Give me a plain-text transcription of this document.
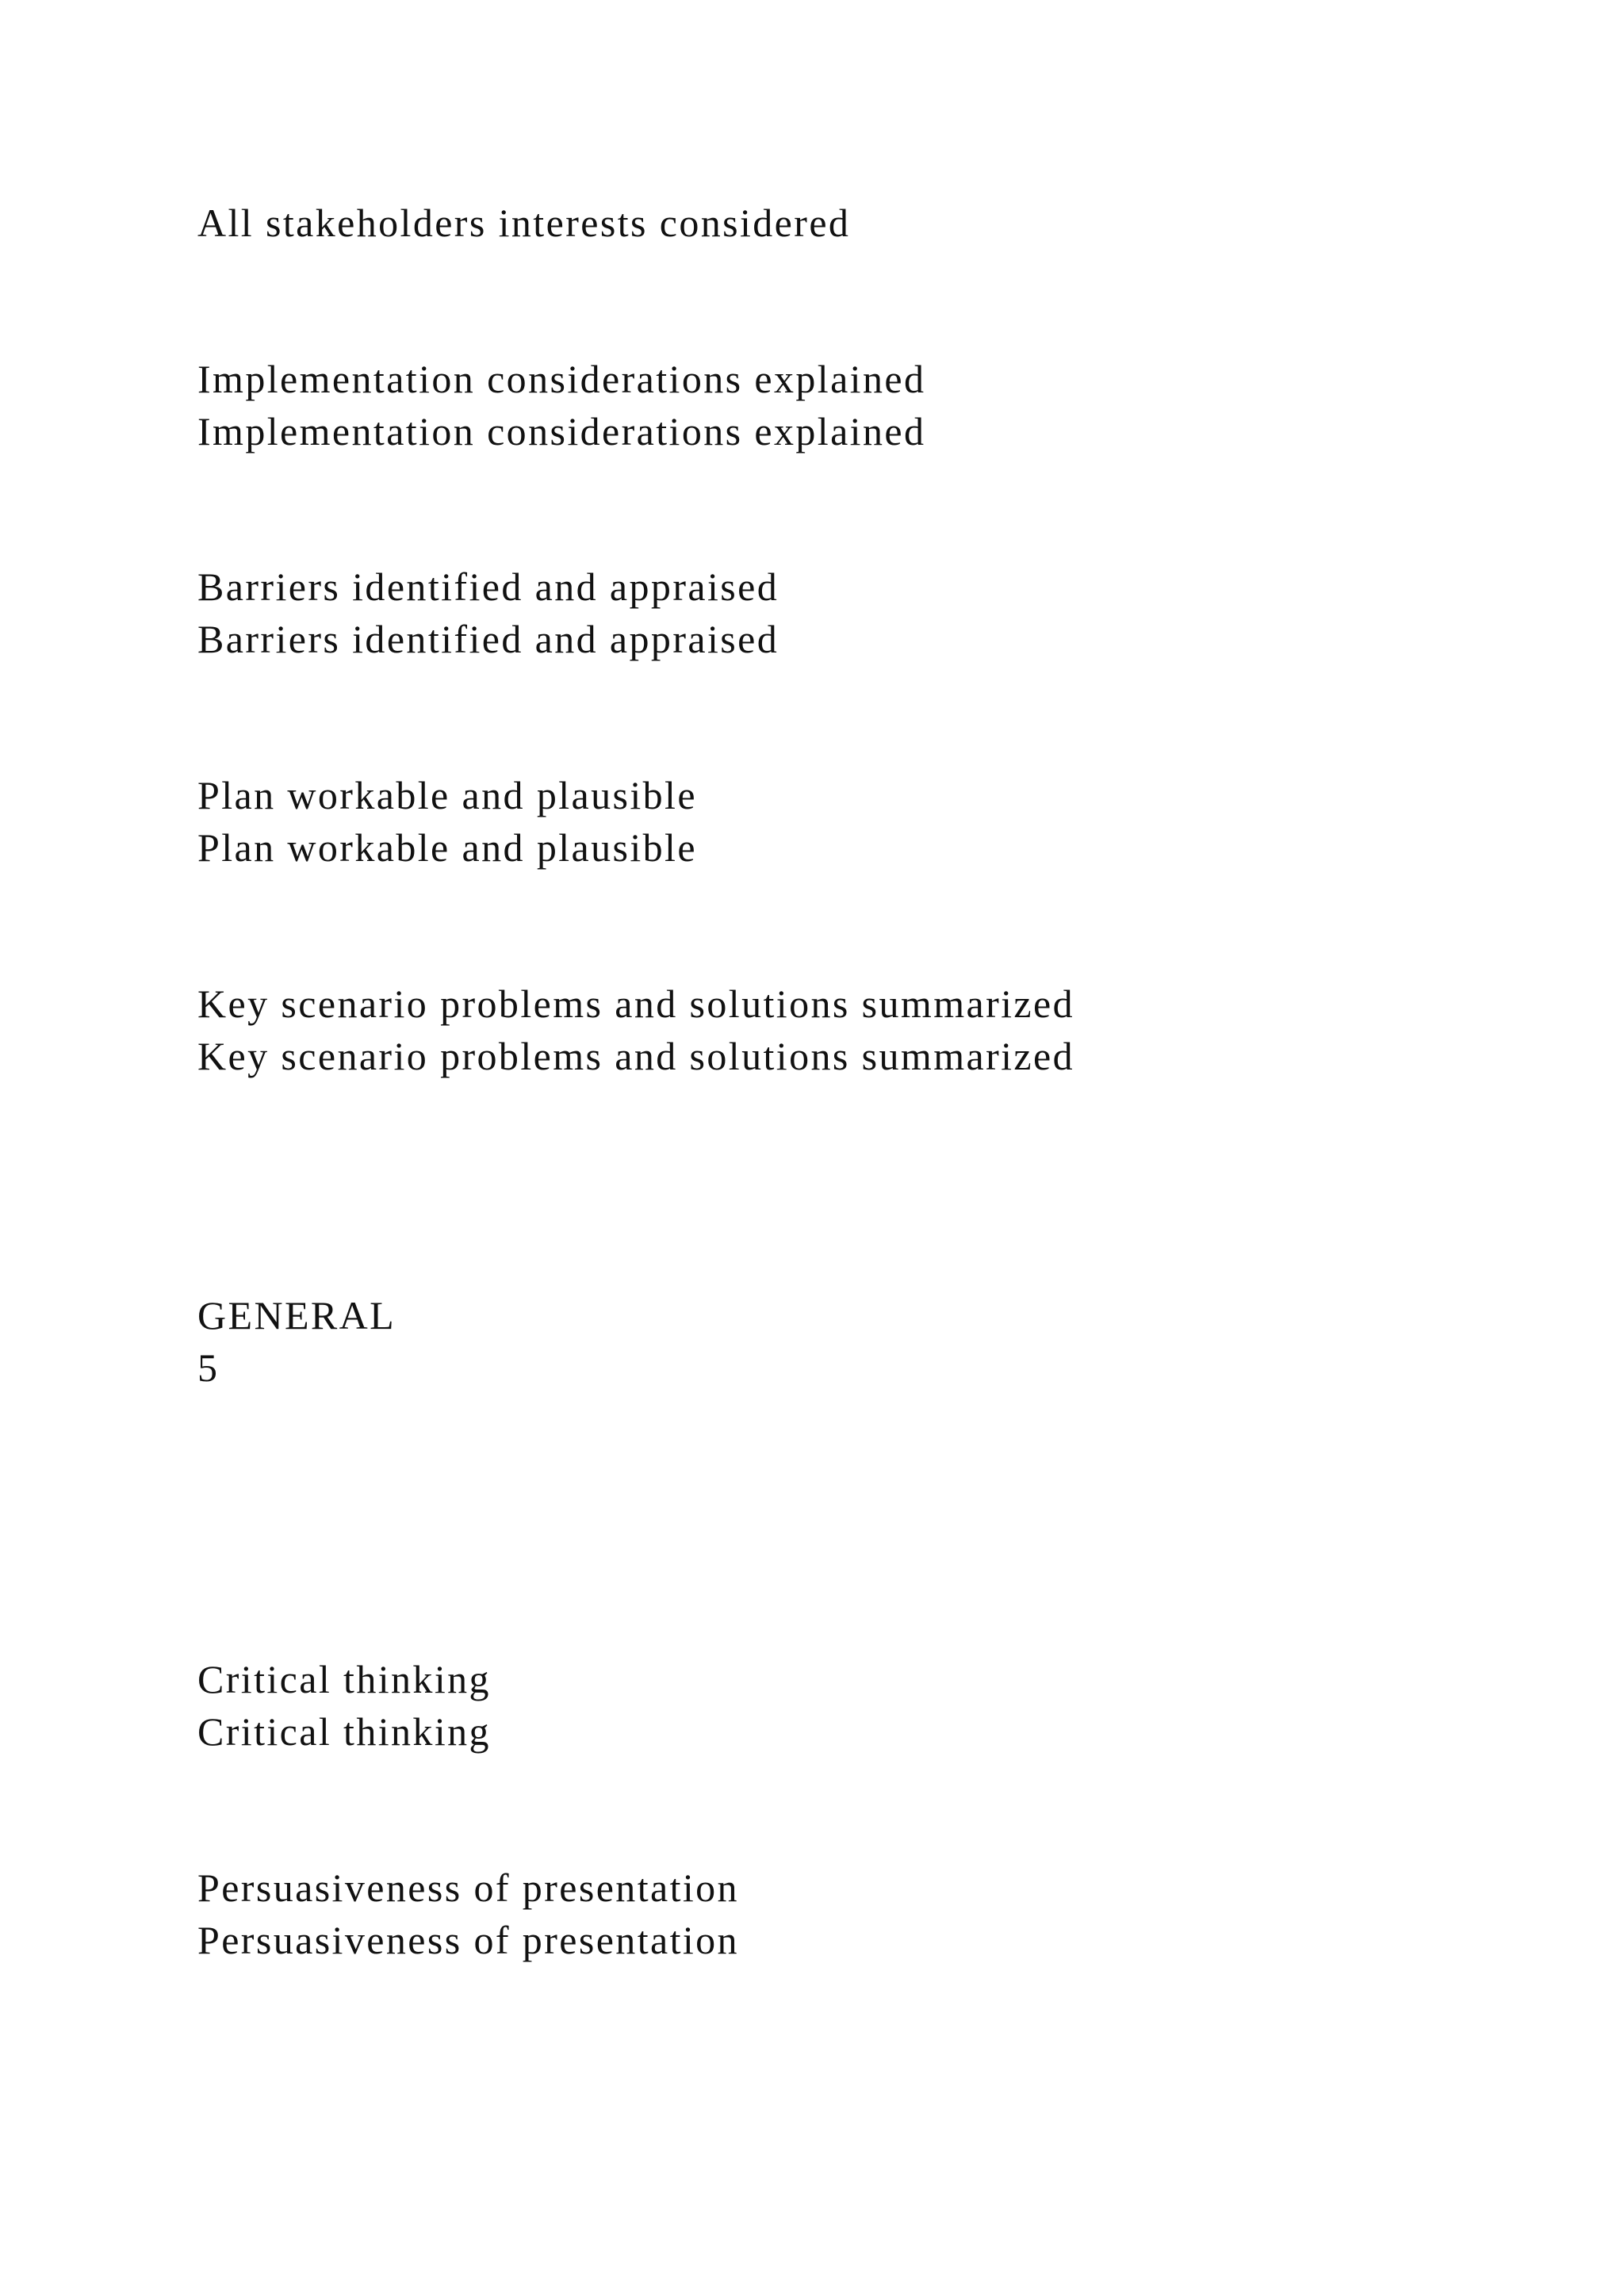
All stakeholders interests considered

Implementation considerations explained

Implementation considerations explained

Barriers identified and appraised

Barriers identified and appraised

Plan workable and plausible

Plan workable and plausible

Key scenario problems and solutions summarized

Key scenario problems and solutions summarized

GENERAL

5

Critical thinking

Critical thinking

Persuasiveness of presentation

Persuasiveness of presentation
